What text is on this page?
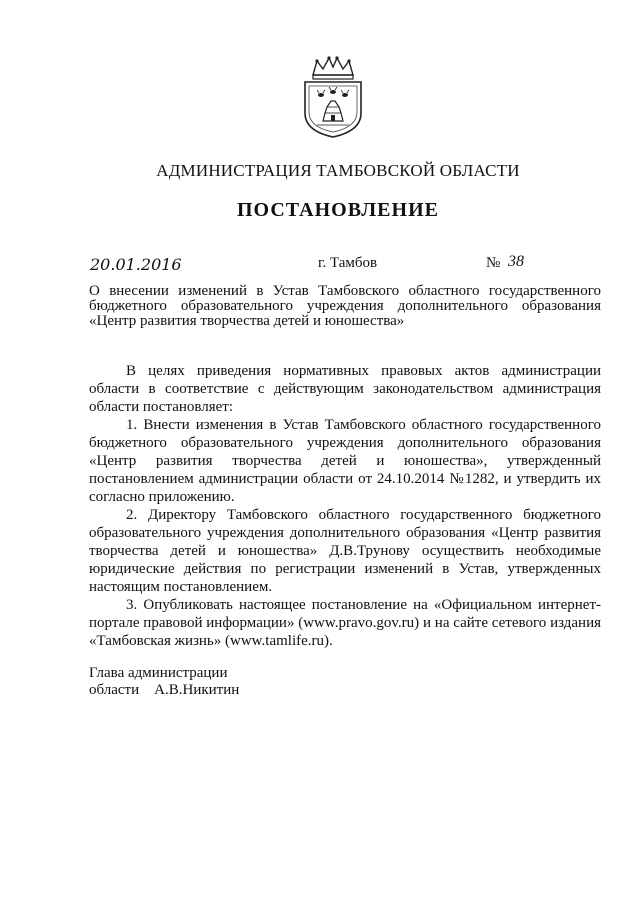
АДМИНИСТРАЦИЯ ТАМБОВСКОЙ ОБЛАСТИ
ПОСТАНОВЛЕНИЕ
20.01.2016	г. Тамбов	№ 38
О внесении изменений в Устав Тамбовского областного государственного бюджетного образовательного учреждения дополнительного образования «Центр развития творчества детей и юношества»

В целях приведения нормативных правовых актов администрации области в соответствие с действующим законодательством администрация области постановляет:

1. Внести изменения в Устав Тамбовского областного государственного бюджетного образовательного учреждения дополнительного образования «Центр развития творчества детей и юношества», утвержденный постановлением администрации области от 24.10.2014 №1282, и утвердить их согласно приложению.

2. Директору Тамбовского областного государственного бюджетного образовательного учреждения дополнительного образования «Центр развития творчества детей и юношества» Д.В.Трунову осуществить необходимые юридические действия по регистрации изменений в Устав, утвержденных настоящим постановлением.

3. Опубликовать настоящее постановление на «Официальном интернет-портале правовой информации» (www.pravo.gov.ru) и на сайте сетевого издания «Тамбовская жизнь» (www.tamlife.ru).

Глава администрации
области А.В.Никитин
